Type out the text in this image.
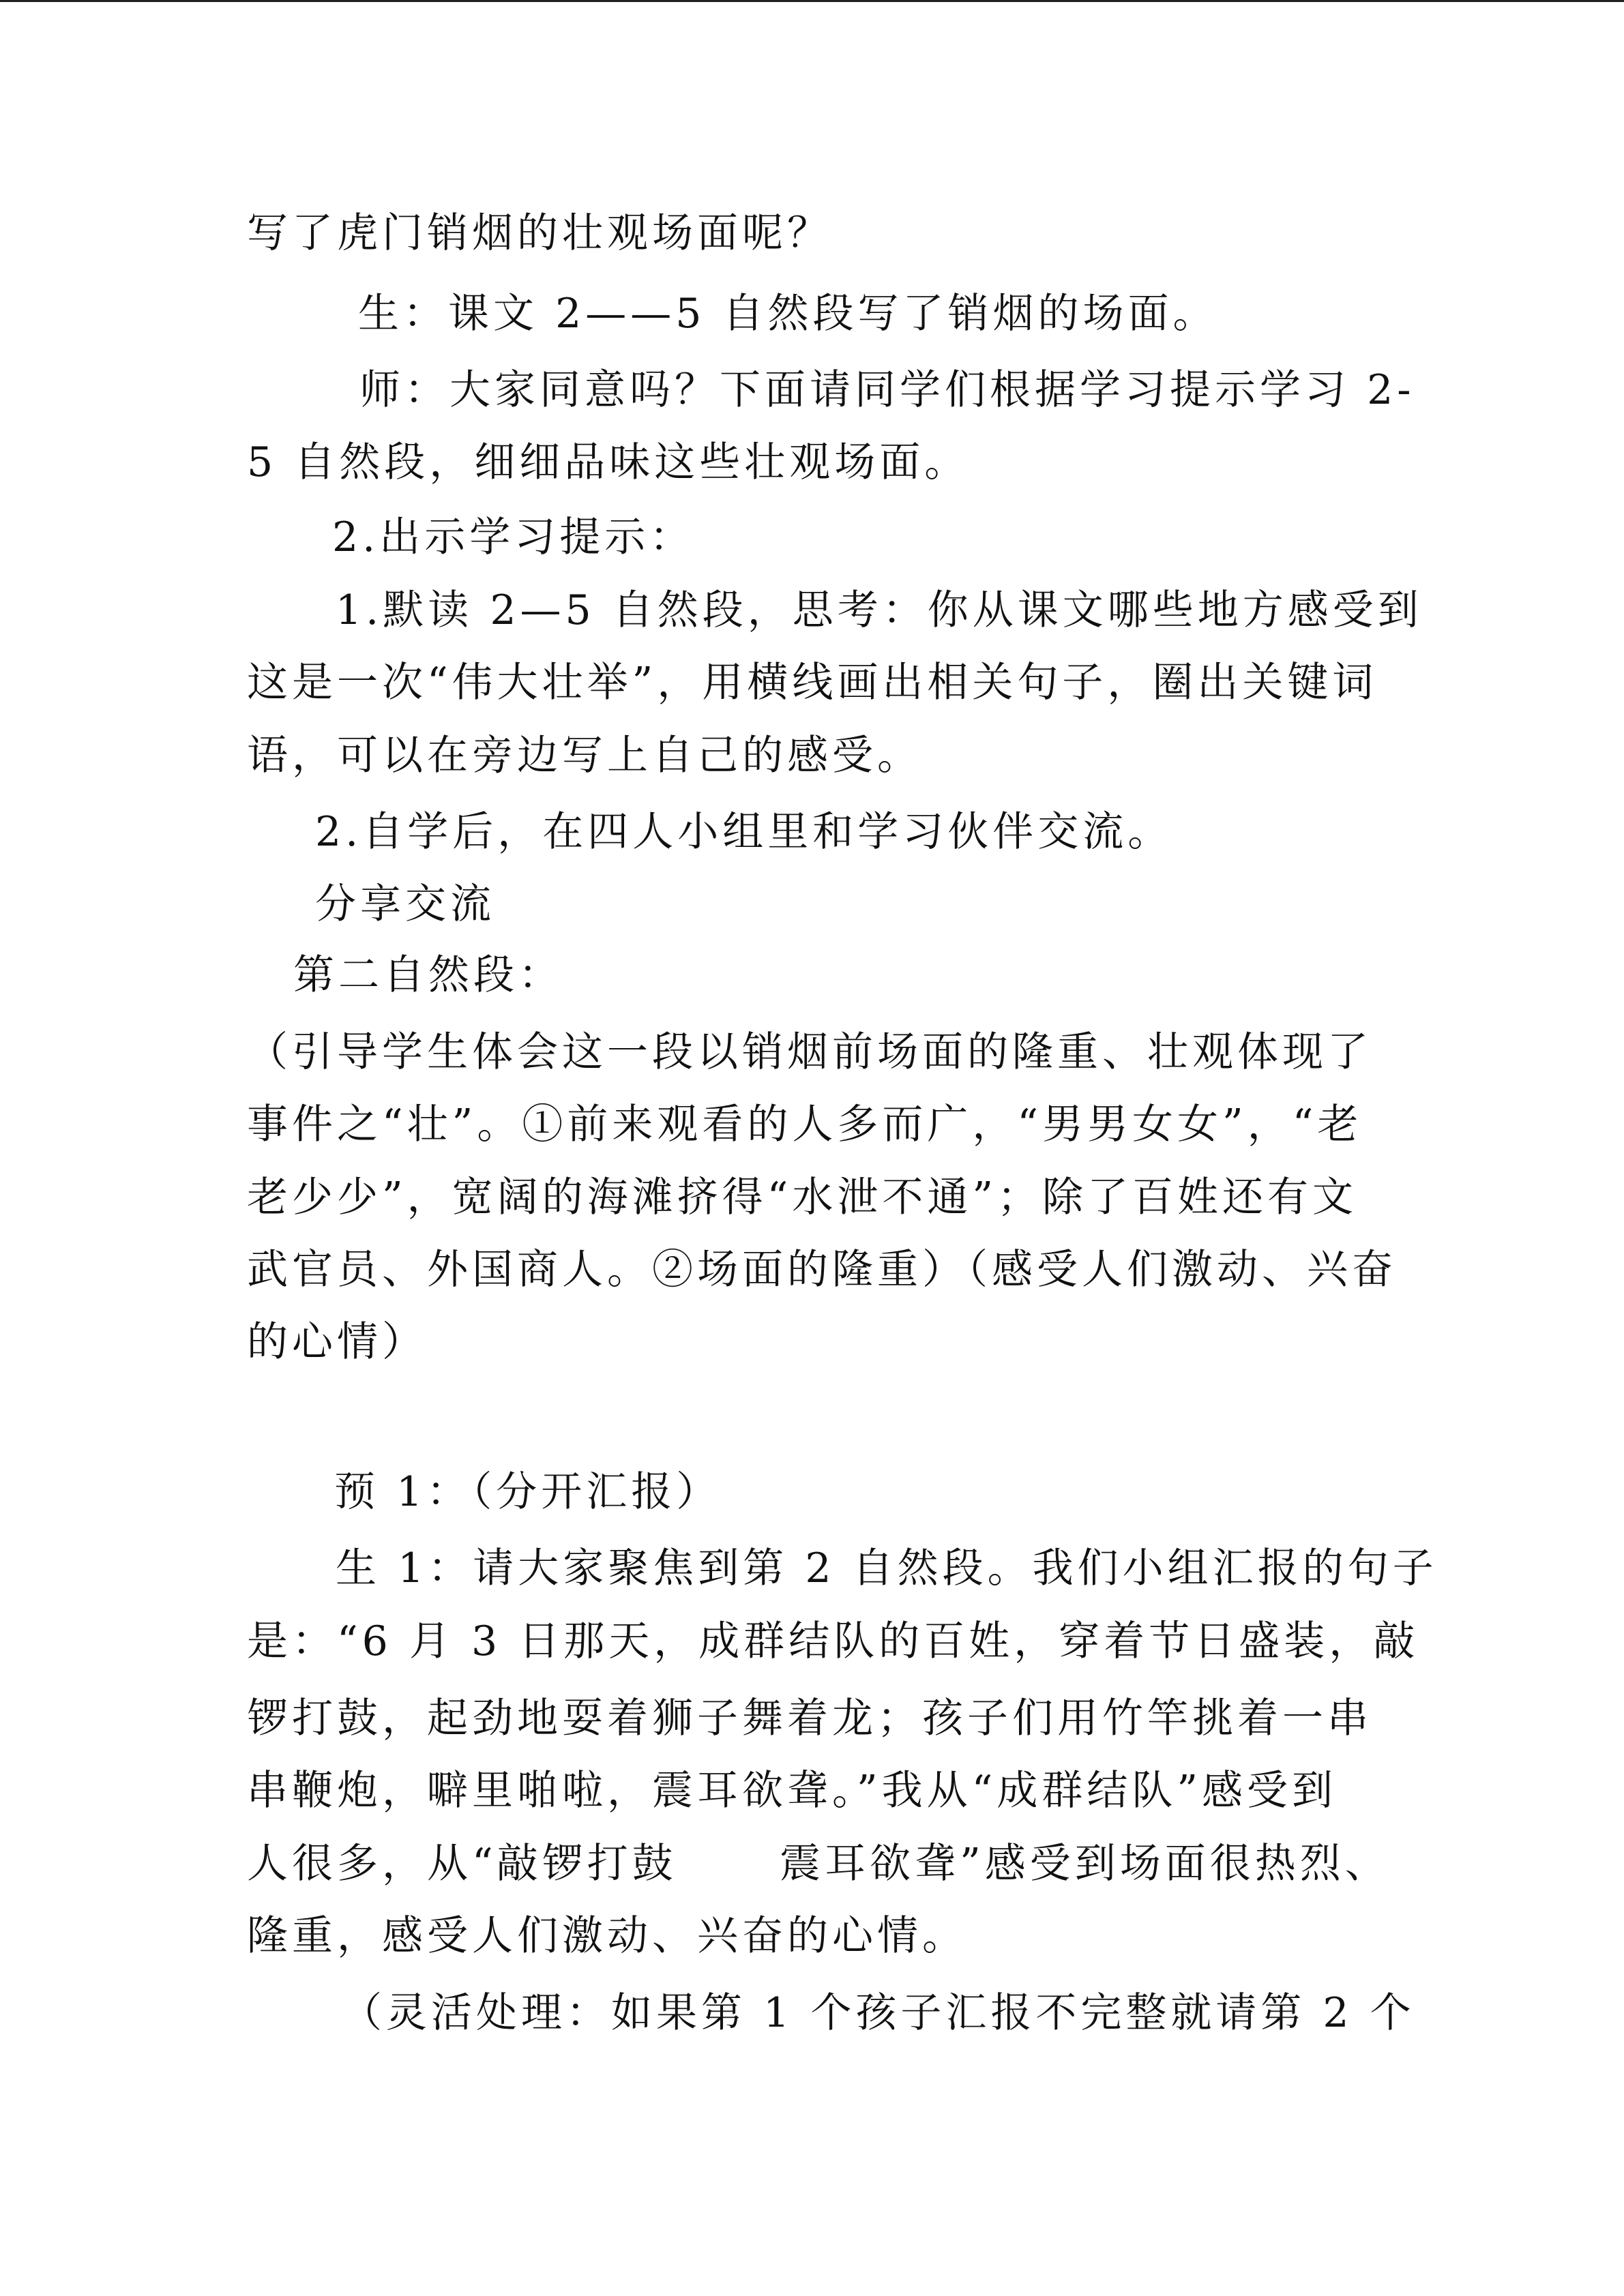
写了虎门销烟的壮观场面呢？
生：课文 2——5 自然段写了销烟的场面。
师：大家同意吗？下面请同学们根据学习提示学习 2-
5 自然段，细细品味这些壮观场面。
2.出示学习提示：
1.默读 2—5 自然段，思考：你从课文哪些地方感受到
这是一次“伟大壮举”，用横线画出相关句子，圈出关键词
语，可以在旁边写上自己的感受。
2.自学后，在四人小组里和学习伙伴交流。
分享交流
第二自然段：
（引导学生体会这一段以销烟前场面的隆重、壮观体现了
事件之“壮”。①前来观看的人多而广，“男男女女”，“老
老少少”，宽阔的海滩挤得“水泄不通”；除了百姓还有文
武官员、外国商人。②场面的隆重）（感受人们激动、兴奋
的心情）
预 1：（分开汇报）
生 1：请大家聚焦到第 2 自然段。我们小组汇报的句子
是：“6 月 3 日那天，成群结队的百姓，穿着节日盛装，敲
锣打鼓，起劲地耍着狮子舞着龙；孩子们用竹竿挑着一串
串鞭炮，噼里啪啦，震耳欲聋。”我从“成群结队”感受到
人很多，从“敲锣打鼓      震耳欲聋”感受到场面很热烈、
隆重，感受人们激动、兴奋的心情。
（灵活处理：如果第 1 个孩子汇报不完整就请第 2 个
